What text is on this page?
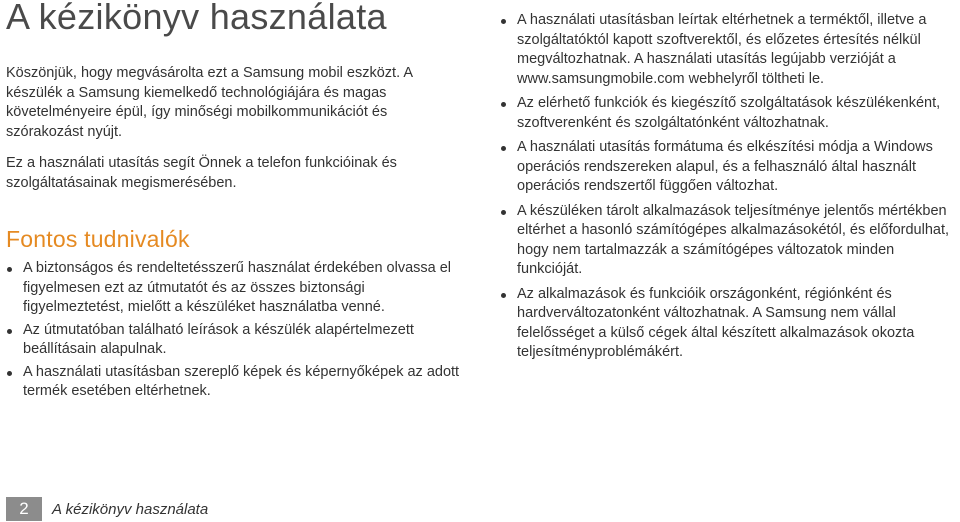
A kézikönyv használata

Köszönjük, hogy megvásárolta ezt a Samsung mobil eszközt. A készülék a Samsung kiemelkedő technológiájára és magas követelményeire épül, így minőségi mobilkommunikációt és szórakozást nyújt.

Ez a használati utasítás segít Önnek a telefon funkcióinak és szolgáltatásainak megismerésében.

Fontos tudnivalók
A biztonságos és rendeltetésszerű használat érdekében olvassa el figyelmesen ezt az útmutatót és az összes biztonsági figyelmeztetést, mielőtt a készüléket használatba venné.
Az útmutatóban található leírások a készülék alapértelmezett beállításain alapulnak.
A használati utasításban szereplő képek és képernyőképek az adott termék esetében eltérhetnek.
A használati utasításban leírtak eltérhetnek a terméktől, illetve a szolgáltatóktól kapott szoftverektől, és előzetes értesítés nélkül megváltozhatnak. A használati utasítás legújabb verzióját a www.samsungmobile.com webhelyről töltheti le.
Az elérhető funkciók és kiegészítő szolgáltatások készülékenként, szoftverenként és szolgáltatónként változhatnak.
A használati utasítás formátuma és elkészítési módja a Windows operációs rendszereken alapul, és a felhasználó által használt operációs rendszertől függően változhat.
A készüléken tárolt alkalmazások teljesítménye jelentős mértékben eltérhet a hasonló számítógépes alkalmazásokétól, és előfordulhat, hogy nem tartalmazzák a számítógépes változatok minden funkcióját.
Az alkalmazások és funkcióik országonként, régiónként és hardverváltozatonként változhatnak. A Samsung nem vállal felelősséget a külső cégek által készített alkalmazások okozta teljesítményproblémákért.
2	A kézikönyv használata
